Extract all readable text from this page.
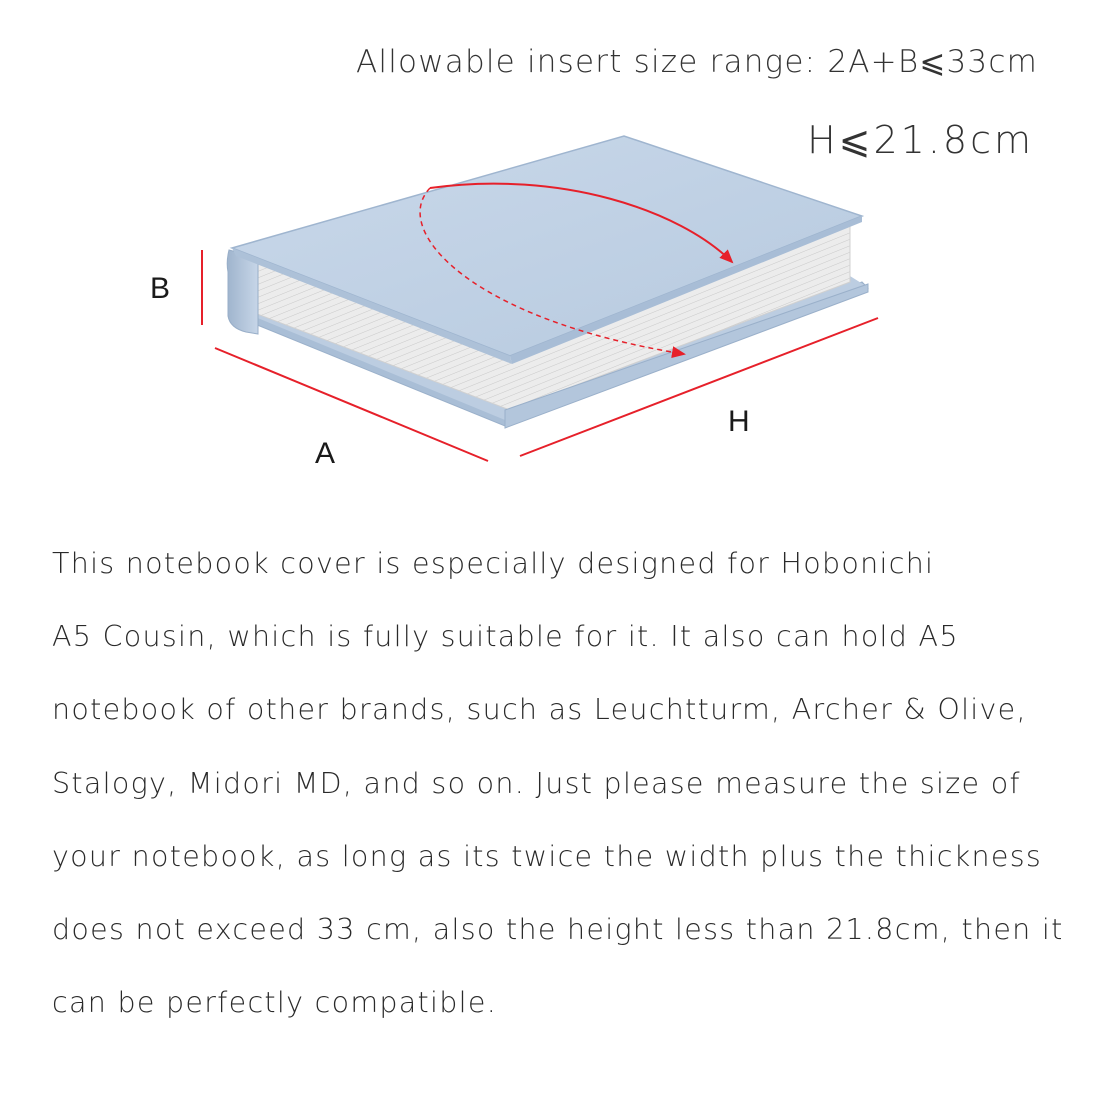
Allowable insert size range: 2A+B⩽33cm
H⩽21.8cm
B
A
H

This notebook cover is especially designed for Hobonichi
A5 Cousin, which is fully suitable for it. It also can hold A5
notebook of other brands, such as Leuchtturm, Archer & Olive,
Stalogy, Midori MD, and so on. Just please measure the size of
your notebook, as long as its twice the width plus the thickness
does not exceed 33 cm, also the height less than 21.8cm, then it
can be perfectly compatible.
